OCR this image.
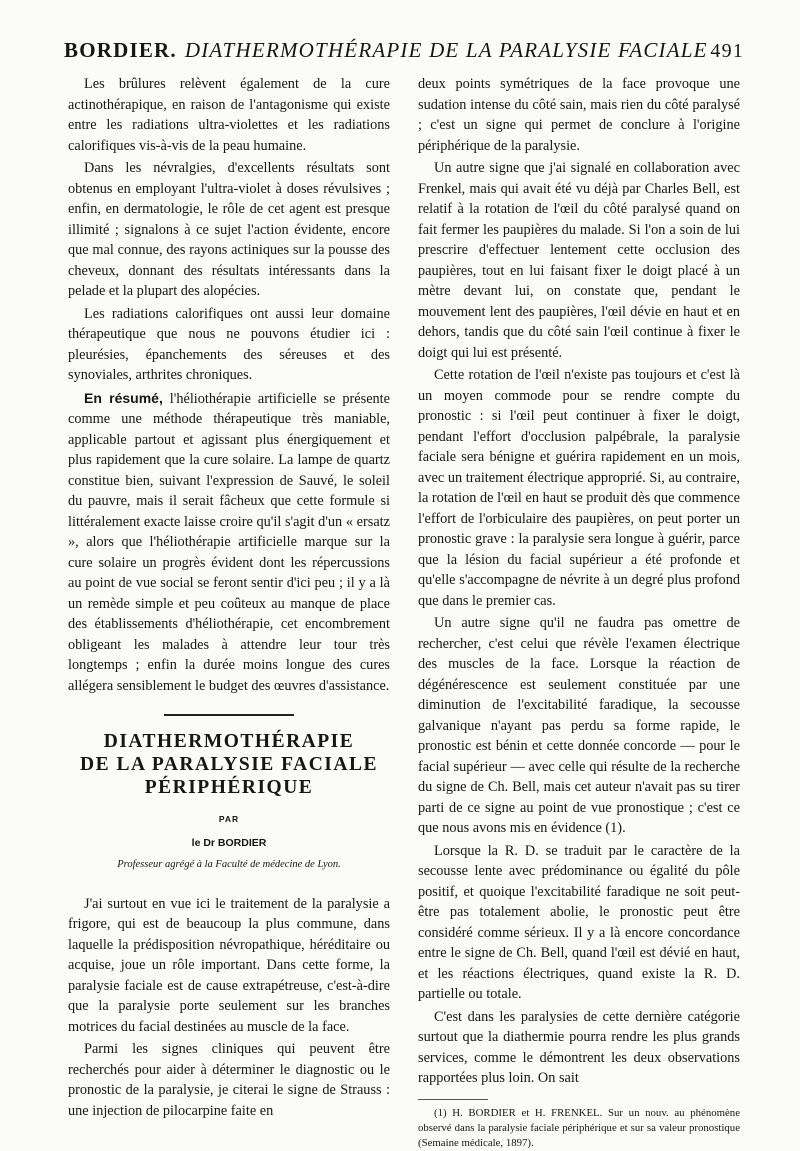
BORDIER. DIATHERMOTHÉRAPIE DE LA PARALYSIE FACIALE 491

Les brûlures relèvent également de la cure actinothérapique, en raison de l'antagonisme qui existe entre les radiations ultra-violettes et les radiations calorifiques vis-à-vis de la peau humaine.

Dans les névralgies, d'excellents résultats sont obtenus en employant l'ultra-violet à doses révulsives ; enfin, en dermatologie, le rôle de cet agent est presque illimité ; signalons à ce sujet l'action évidente, encore que mal connue, des rayons actiniques sur la pousse des cheveux, donnant des résultats intéressants dans la pelade et la plupart des alopécies.

Les radiations calorifiques ont aussi leur domaine thérapeutique que nous ne pouvons étudier ici : pleurésies, épanchements des séreuses et des synoviales, arthrites chroniques.

En résumé, l'héliothérapie artificielle se présente comme une méthode thérapeutique très maniable, applicable partout et agissant plus énergiquement et plus rapidement que la cure solaire. La lampe de quartz constitue bien, suivant l'expression de Sauvé, le soleil du pauvre, mais il serait fâcheux que cette formule si littéralement exacte laisse croire qu'il s'agit d'un « ersatz », alors que l'héliothérapie artificielle marque sur la cure solaire un progrès évident dont les répercussions au point de vue social se feront sentir d'ici peu ; il y a là un remède simple et peu coûteux au manque de place des établissements d'héliothérapie, cet encombrement obligeant les malades à attendre leur tour très longtemps ; enfin la durée moins longue des cures allégera sensiblement le budget des œuvres d'assistance.

DIATHERMOTHÉRAPIE
DE LA PARALYSIE FACIALE
PÉRIPHÉRIQUE
PAR
le Dr BORDIER
Professeur agrégé à la Faculté de médecine de Lyon.

J'ai surtout en vue ici le traitement de la paralysie a frigore, qui est de beaucoup la plus commune, dans laquelle la prédisposition névropathique, héréditaire ou acquise, joue un rôle important. Dans cette forme, la paralysie faciale est de cause extrapétreuse, c'est-à-dire que la paralysie porte seulement sur les branches motrices du facial destinées au muscle de la face.

Parmi les signes cliniques qui peuvent être recherchés pour aider à déterminer le diagnostic ou le pronostic de la paralysie, je citerai le signe de Strauss : une injection de pilocarpine faite en

deux points symétriques de la face provoque une sudation intense du côté sain, mais rien du côté paralysé ; c'est un signe qui permet de conclure à l'origine périphérique de la paralysie.

Un autre signe que j'ai signalé en collaboration avec Frenkel, mais qui avait été vu déjà par Charles Bell, est relatif à la rotation de l'œil du côté paralysé quand on fait fermer les paupières du malade. Si l'on a soin de lui prescrire d'effectuer lentement cette occlusion des paupières, tout en lui faisant fixer le doigt placé à un mètre devant lui, on constate que, pendant le mouvement lent des paupières, l'œil dévie en haut et en dehors, tandis que du côté sain l'œil continue à fixer le doigt qui lui est présenté.

Cette rotation de l'œil n'existe pas toujours et c'est là un moyen commode pour se rendre compte du pronostic : si l'œil peut continuer à fixer le doigt, pendant l'effort d'occlusion palpébrale, la paralysie faciale sera bénigne et guérira rapidement en un mois, avec un traitement électrique approprié. Si, au contraire, la rotation de l'œil en haut se produit dès que commence l'effort de l'orbiculaire des paupières, on peut porter un pronostic grave : la paralysie sera longue à guérir, parce que la lésion du facial supérieur a été profonde et qu'elle s'accompagne de névrite à un degré plus profond que dans le premier cas.

Un autre signe qu'il ne faudra pas omettre de rechercher, c'est celui que révèle l'examen électrique des muscles de la face. Lorsque la réaction de dégénérescence est seulement constituée par une diminution de l'excitabilité faradique, la secousse galvanique n'ayant pas perdu sa forme rapide, le pronostic est bénin et cette donnée concorde — pour le facial supérieur — avec celle qui résulte de la recherche du signe de Ch. Bell, mais cet auteur n'avait pas su tirer parti de ce signe au point de vue pronostique ; c'est ce que nous avons mis en évidence (1).

Lorsque la R. D. se traduit par le caractère de la secousse lente avec prédominance ou égalité du pôle positif, et quoique l'excitabilité faradique ne soit peut-être pas totalement abolie, le pronostic peut être considéré comme sérieux. Il y a là encore concordance entre le signe de Ch. Bell, quand l'œil est dévié en haut, et les réactions électriques, quand existe la R. D. partielle ou totale.

C'est dans les paralysies de cette dernière catégorie surtout que la diathermie pourra rendre les plus grands services, comme le démontrent les deux observations rapportées plus loin. On sait

(1) H. BORDIER et H. FRENKEL. Sur un nouv. au phénomène observé dans la paralysie faciale périphérique et sur sa valeur pronostique (Semaine médicale, 1897).
